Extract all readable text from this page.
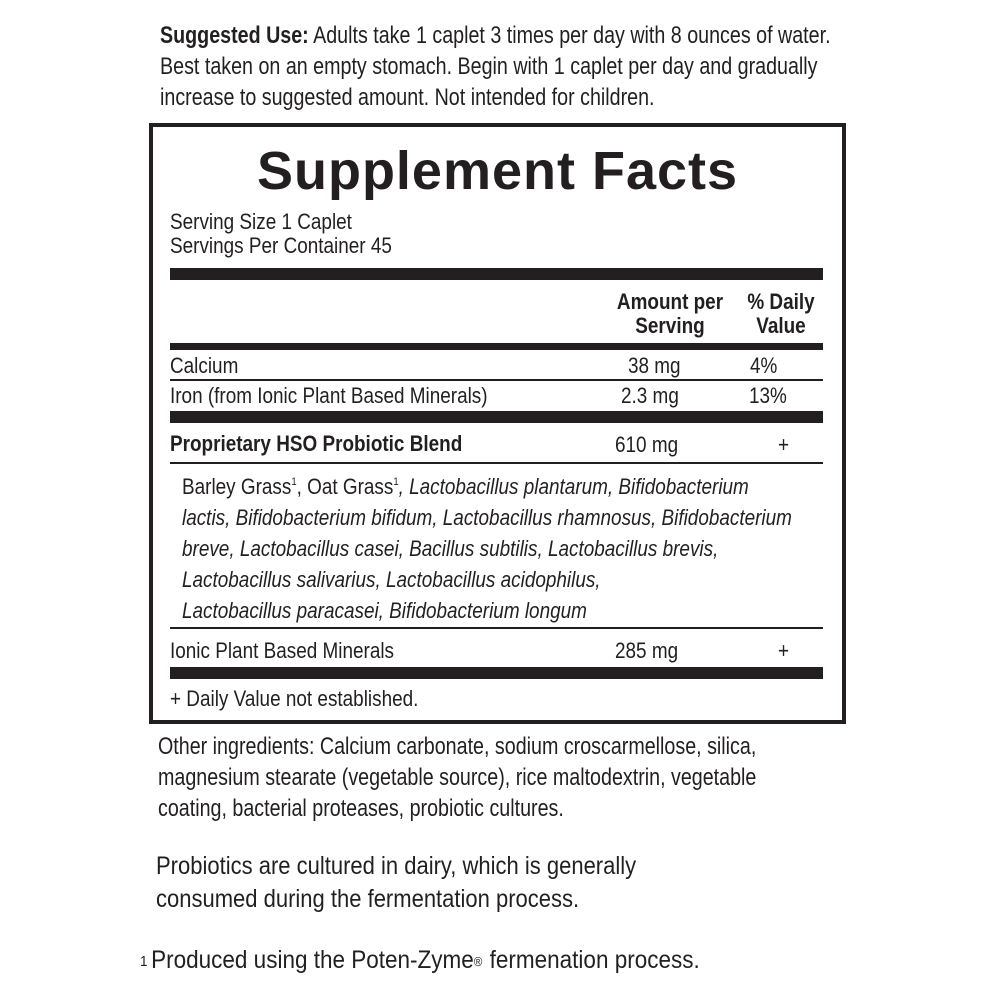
Suggested Use: Adults take 1 caplet 3 times per day with 8 ounces of water.
Best taken on an empty stomach. Begin with 1 caplet per day and gradually
increase to suggested amount. Not intended for children.
Supplement Facts
Serving Size 1 Caplet
Servings Per Container 45
Amount per
Serving
% Daily
Value
Calcium	38 mg	4%
Iron (from Ionic Plant Based Minerals)	2.3 mg	13%
Proprietary HSO Probiotic Blend	610 mg	+
Barley Grass$^1$, Oat Grass$^1$, Lactobacillus plantarum, Bifidobacterium
lactis, Bifidobacterium bifidum, Lactobacillus rhamnosus, Bifidobacterium
breve, Lactobacillus casei, Bacillus subtilis, Lactobacillus brevis,
Lactobacillus salivarius, Lactobacillus acidophilus,
Lactobacillus paracasei, Bifidobacterium longum
Ionic Plant Based Minerals	285 mg	+
+ Daily Value not established.
Other ingredients: Calcium carbonate, sodium croscarmellose, silica,
magnesium stearate (vegetable source), rice maltodextrin, vegetable
coating, bacterial proteases, probiotic cultures.
Probiotics are cultured in dairy, which is generally
consumed during the fermentation process.
$^1$ Produced using the Poten-Zyme® fermenation process.
